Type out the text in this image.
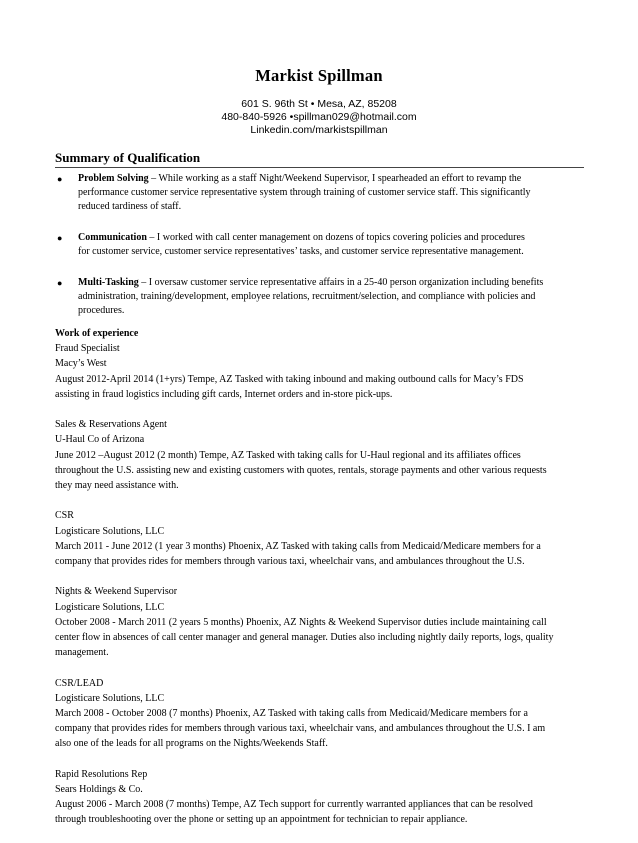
Markist Spillman
601 S. 96th St • Mesa, AZ, 85208
480-840-5926 •spillman029@hotmail.com
Linkedin.com/markistspillman
Summary of Qualification
● Problem Solving – While working as a staff Night/Weekend Supervisor, I spearheaded an effort to revamp the
performance customer service representative system through training of customer service staff. This significantly
reduced tardiness of staff.
● Communication – I worked with call center management on dozens of topics covering policies and procedures
for customer service, customer service representatives’ tasks, and customer service representative management.
● Multi-Tasking – I oversaw customer service representative affairs in a 25-40 person organization including benefits
administration, training/development, employee relations, recruitment/selection, and compliance with policies and
procedures.
Work of experience
Fraud Specialist
Macy’s West
August 2012-April 2014 (1+yrs) Tempe, AZ Tasked with taking inbound and making outbound calls for Macy’s FDS
assisting in fraud logistics including gift cards, Internet orders and in-store pick-ups.
Sales & Reservations Agent
U-Haul Co of Arizona
June 2012 –August 2012 (2 month) Tempe, AZ Tasked with taking calls for U-Haul regional and its affiliates offices
throughout the U.S. assisting new and existing customers with quotes, rentals, storage payments and other various requests
they may need assistance with.
CSR
Logisticare Solutions, LLC
March 2011 - June 2012 (1 year 3 months) Phoenix, AZ Tasked with taking calls from Medicaid/Medicare members for a
company that provides rides for members through various taxi, wheelchair vans, and ambulances throughout the U.S.
Nights & Weekend Supervisor
Logisticare Solutions, LLC
October 2008 - March 2011 (2 years 5 months) Phoenix, AZ Nights & Weekend Supervisor duties include maintaining call
center flow in absences of call center manager and general manager. Duties also including nightly daily reports, logs, quality
management.
CSR/LEAD
Logisticare Solutions, LLC
March 2008 - October 2008 (7 months) Phoenix, AZ Tasked with taking calls from Medicaid/Medicare members for a
company that provides rides for members through various taxi, wheelchair vans, and ambulances throughout the U.S. I am
also one of the leads for all programs on the Nights/Weekends Staff.
Rapid Resolutions Rep
Sears Holdings & Co.
August 2006 - March 2008 (7 months) Tempe, AZ Tech support for currently warranted appliances that can be resolved
through troubleshooting over the phone or setting up an appointment for technician to repair appliance.
